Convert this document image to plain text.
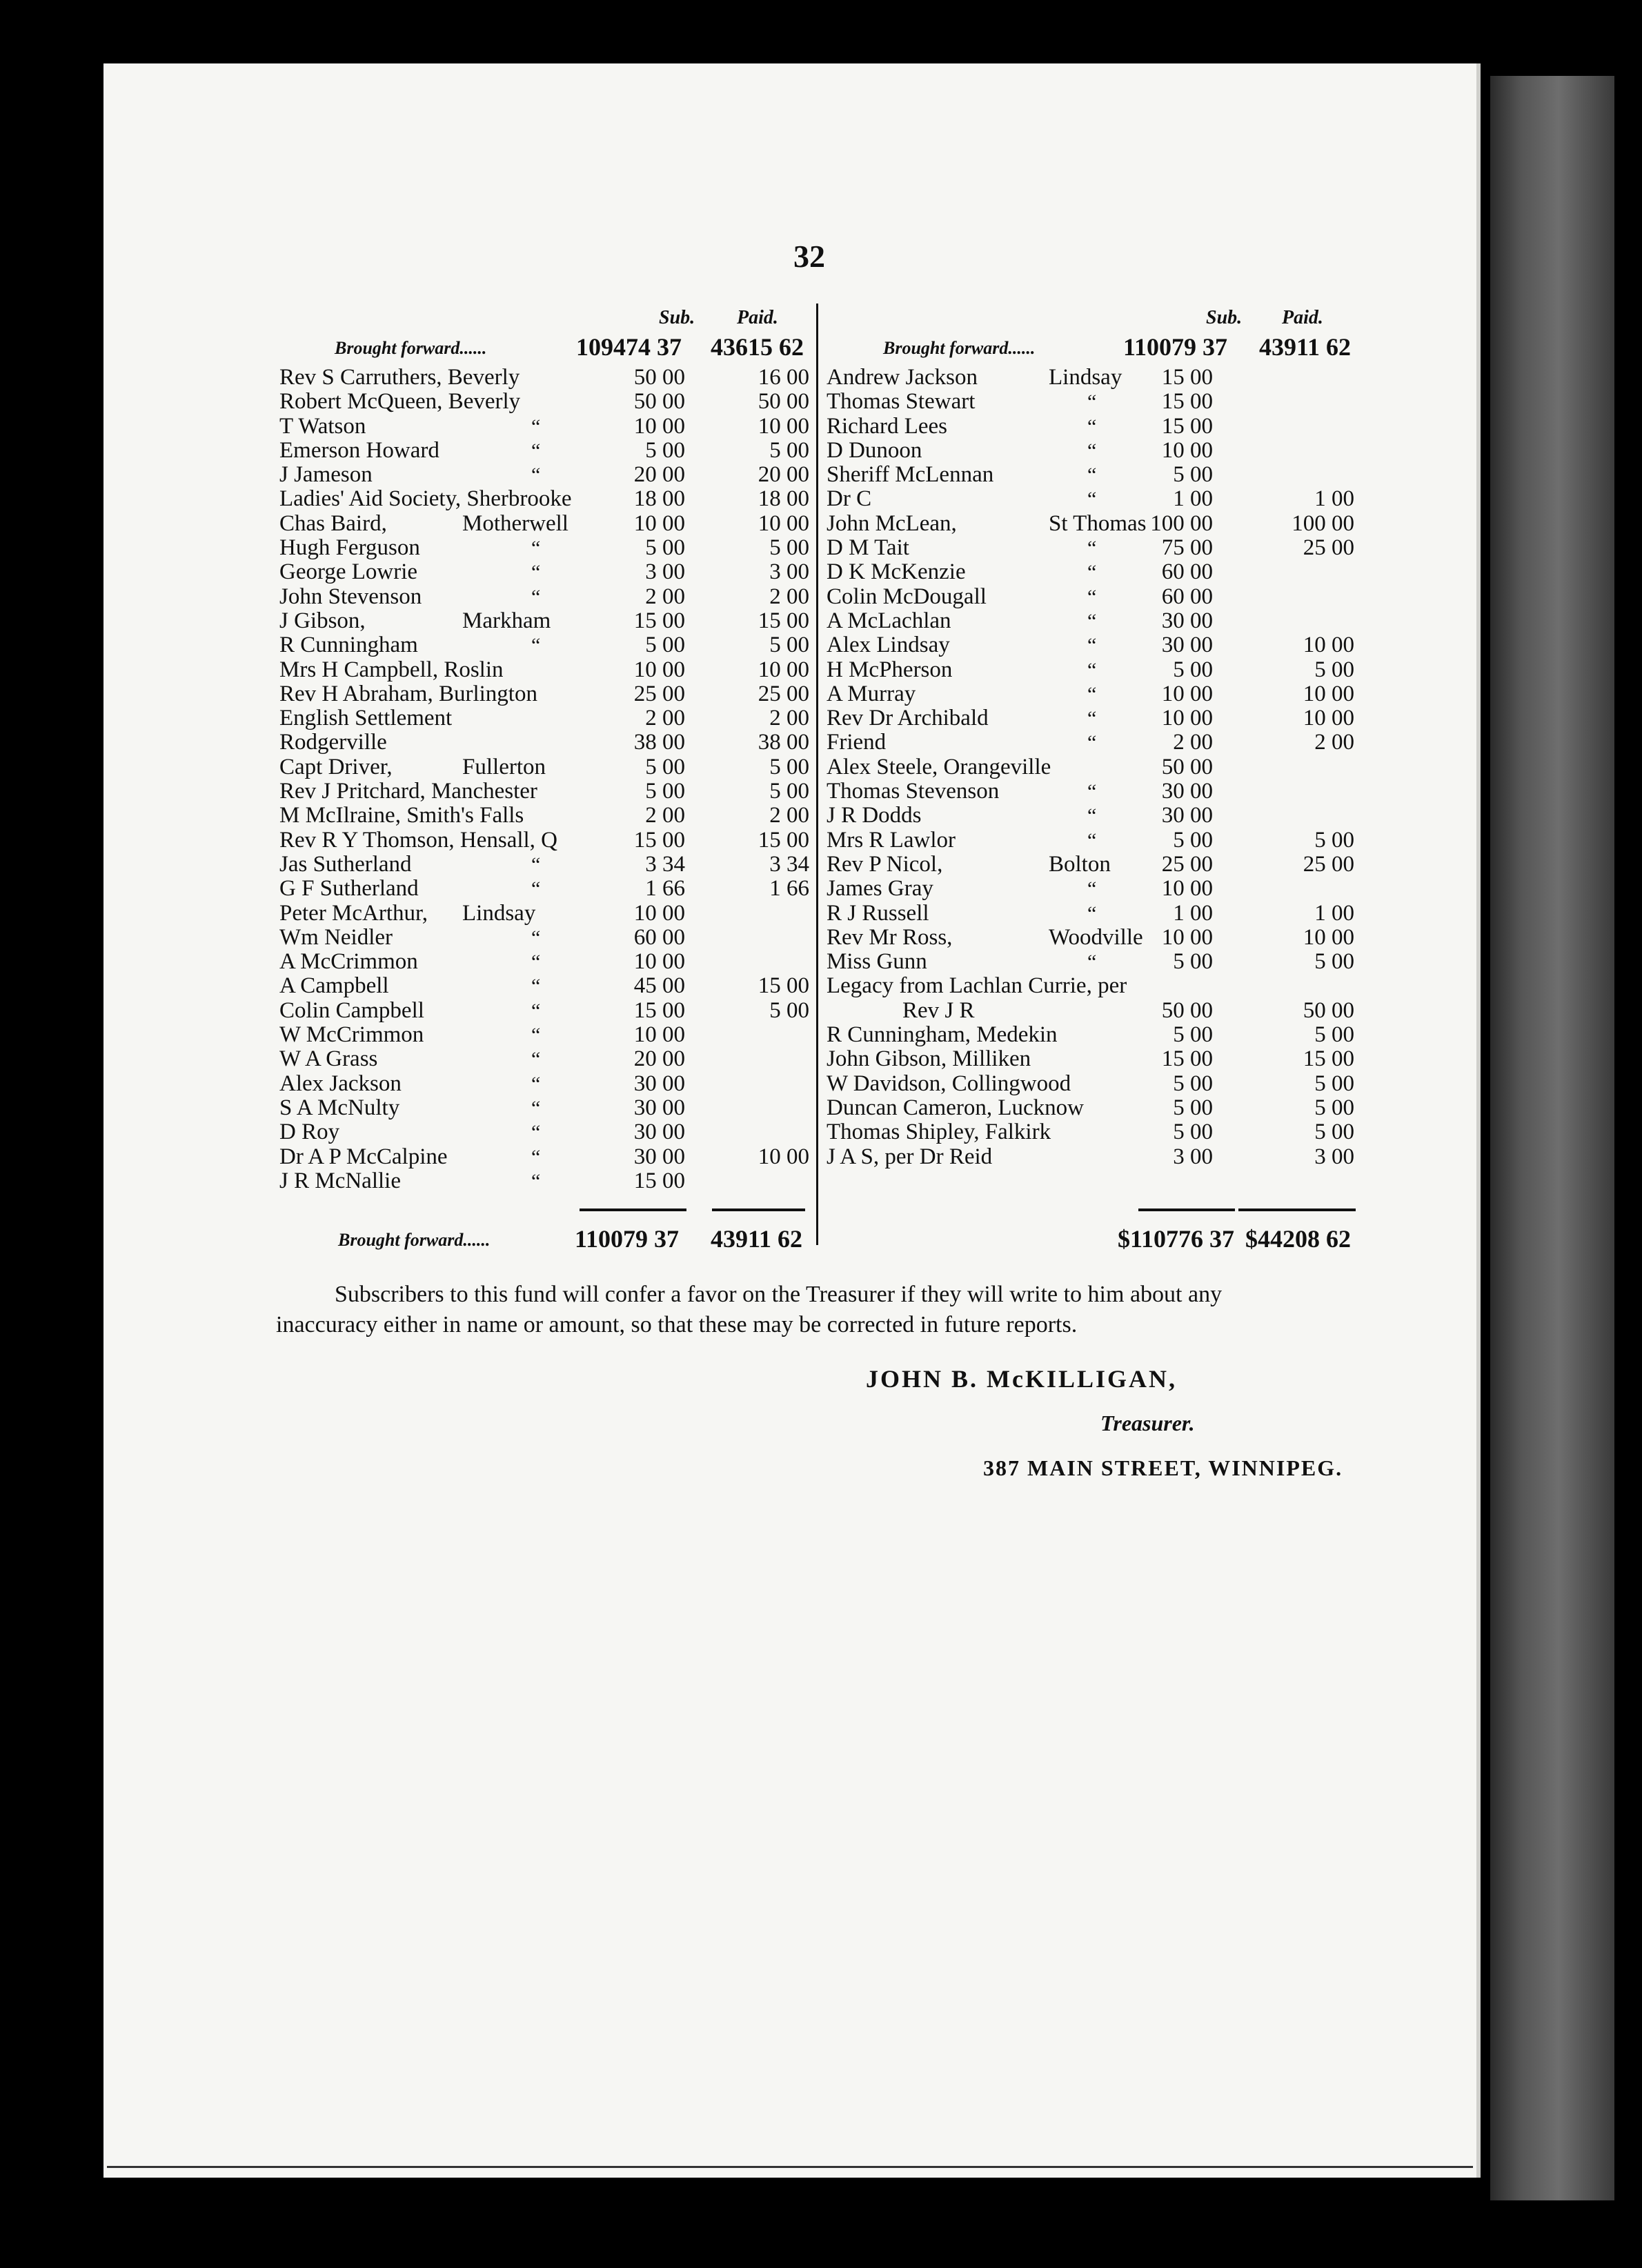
32
Sub. Paid.	Sub. Paid.
Brought forward......	109474 37 43615 62	Brought forward......	110079 37 43911 62
Rev S Carruthers, Beverly	50 00	16 00
Robert McQueen, Beverly	50 00	50 00
T Watson	“	10 00	10 00
Emerson Howard	“	5 00	5 00
J Jameson	“	20 00	20 00
Ladies' Aid Society, Sherbrooke	18 00	18 00
Chas Baird,	Motherwell	10 00	10 00
Hugh Ferguson	“	5 00	5 00
George Lowrie	“	3 00	3 00
John Stevenson	“	2 00	2 00
J Gibson,	Markham	15 00	15 00
R Cunningham	“	5 00	5 00
Mrs H Campbell, Roslin	10 00	10 00
Rev H Abraham, Burlington	25 00	25 00
English Settlement	2 00	2 00
Rodgerville	38 00	38 00
Capt Driver,	Fullerton	5 00	5 00
Rev J Pritchard, Manchester	5 00	5 00
M McIlraine, Smith's Falls	2 00	2 00
Rev R Y Thomson, Hensall, Q	15 00	15 00
Jas Sutherland	“	3 34	3 34
G F Sutherland	“	1 66	1 66
Peter McArthur, Lindsay	10 00
Wm Neidler	“	60 00
A McCrimmon	“	10 00
A Campbell	“	45 00	15 00
Colin Campbell	“	15 00	5 00
W McCrimmon	“	10 00
W A Grass	“	20 00
Alex Jackson	“	30 00
S A McNulty	“	30 00
D Roy	“	30 00
Dr A P McCalpine	“	30 00	10 00
J R McNallie	“	15 00
Andrew Jackson	Lindsay	15 00
Thomas Stewart	“	15 00
Richard Lees	“	15 00
D Dunoon	“	10 00
Sheriff McLennan	“	5 00
Dr C	“	1 00	1 00
John McLean,	St Thomas 100 00	100 00
D M Tait	“	75 00	25 00
D K McKenzie	“	60 00
Colin McDougall	“	60 00
A McLachlan	“	30 00
Alex Lindsay	“	30 00	10 00
H McPherson	“	5 00	5 00
A Murray	“	10 00	10 00
Rev Dr Archibald	“	10 00	10 00
Friend	“	2 00	2 00
Alex Steele, Orangeville	50 00
Thomas Stevenson	“	30 00
J R Dodds	“	30 00
Mrs R Lawlor	“	5 00	5 00
Rev P Nicol,	Bolton	25 00	25 00
James Gray	“	10 00
R J Russell	“	1 00	1 00
Rev Mr Ross,	Woodville 10 00	10 00
Miss Gunn	“	5 00	5 00
Legacy from Lachlan Currie, per
Rev J R	50 00	50 00
R Cunningham, Medekin	5 00	5 00
John Gibson, Milliken	15 00	15 00
W Davidson, Collingwood	5 00	5 00
Duncan Cameron, Lucknow	5 00	5 00
Thomas Shipley, Falkirk	5 00	5 00
J A S, per Dr Reid	3 00	3 00
Brought forward......	110079 37 43911 62	$110776 37 $44208 62

Subscribers to this fund will confer a favor on the Treasurer if they will write to him about any

inaccuracy either in name or amount, so that these may be corrected in future reports.

JOHN B. McKILLIGAN,
Treasurer.
387 MAIN STREET, WINNIPEG.
